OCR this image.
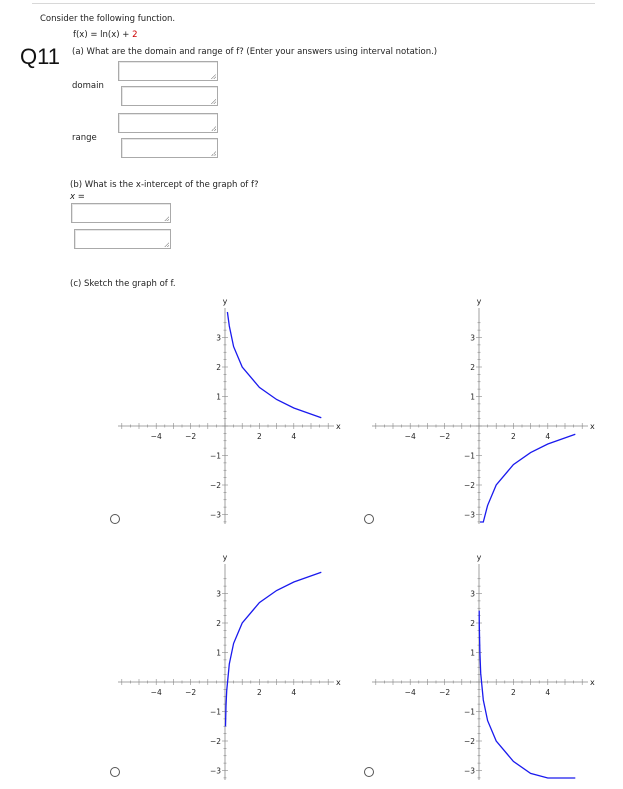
Consider the following function.
f(x) = ln(x) + 2
Q11 (a) What are the domain and range of f? (Enter your answers using interval notation.)
domain
range
(b) What is the x-intercept of the graph of f?
x =
(c) Sketch the graph of f.
−4	−2	2	4
3
2
1
−1
−2
−3
x
y
−4	−2	2	4
3
2
1
−1
−2
−3
x
y
−4	−2	2	4
3
2
1
−1
−2
−3
x
y
−4	−2	2	4
3
2
1
−1
−2
−3
x
y
